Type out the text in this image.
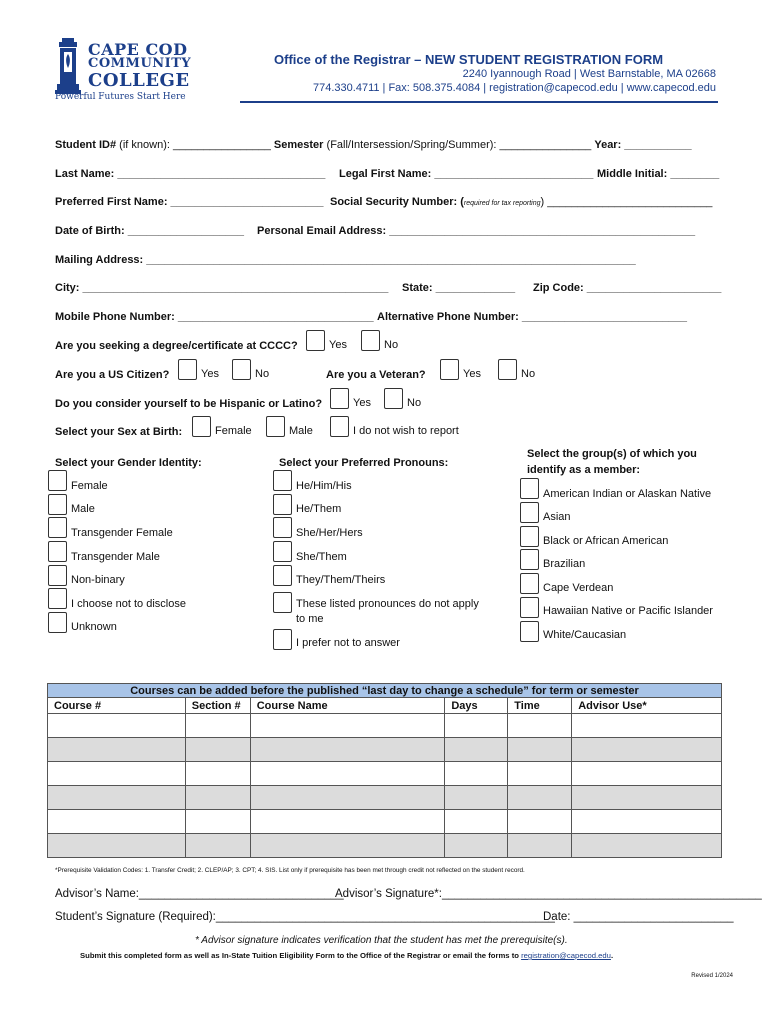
CAPE COD
COMMUNITY
COLLEGE
Powerful Futures Start Here
Office of the Registrar – NEW STUDENT REGISTRATION FORM
2240 Iyannough Road | West Barnstable, MA 02668
774.330.4711 | Fax: 508.375.4084 | registration@capecod.edu | www.capecod.edu
Student ID# (if known): ________________ Semester (Fall/Intersession/Spring/Summer): _______________ Year: ___________
Last Name: __________________________________ Legal First Name: __________________________ Middle Initial: ________
Preferred First Name: _________________________ Social Security Number: (required for tax reporting) ___________________________
Date of Birth: ___________________ Personal Email Address: __________________________________________________
Mailing Address: ________________________________________________________________________________
City: __________________________________________________ State: _____________ Zip Code: ______________________
Mobile Phone Number: ________________________________ Alternative Phone Number: ___________________________
Are you seeking a degree/certificate at CCCC?	Yes	No
Are you a US Citizen?	Yes	No	Are you a Veteran?	Yes	No
Do you consider yourself to be Hispanic or Latino?	Yes	No
Select your Sex at Birth:	Female	Male	I do not wish to report
Select your Gender Identity:
Female
Male
Transgender Female
Transgender Male
Non-binary
I choose not to disclose
Unknown
Select your Preferred Pronouns:
He/Him/His
He/Them
She/Her/Hers
She/Them
They/Them/Theirs
These listed pronounces do not apply
to me
I prefer not to answer
Select the group(s) of which you
identify as a member:
American Indian or Alaskan Native
Asian
Black or African American
Brazilian
Cape Verdean
Hawaiian Native or Pacific Islander
White/Caucasian
Courses can be added before the published “last day to change a schedule” for term or semester					
Course #	Section #	Course Name	Days	Time	Advisor Use*

*Prerequisite Validation Codes: 1. Transfer Credit; 2. CLEP/AP; 3. CPT; 4. SIS. List only if prerequisite has been met through credit not reflected on the student record.
Advisor’s Name:________________________________
Advisor’s Signature*:__________________________________________________
Student’s Signature (Required):_____________________________________________________
Date: _________________________
* Advisor signature indicates verification that the student has met the prerequisite(s).
Submit this completed form as well as In-State Tuition Eligibility Form to the Office of the Registrar or email the forms to registration@capecod.edu.
Revised 1/2024
